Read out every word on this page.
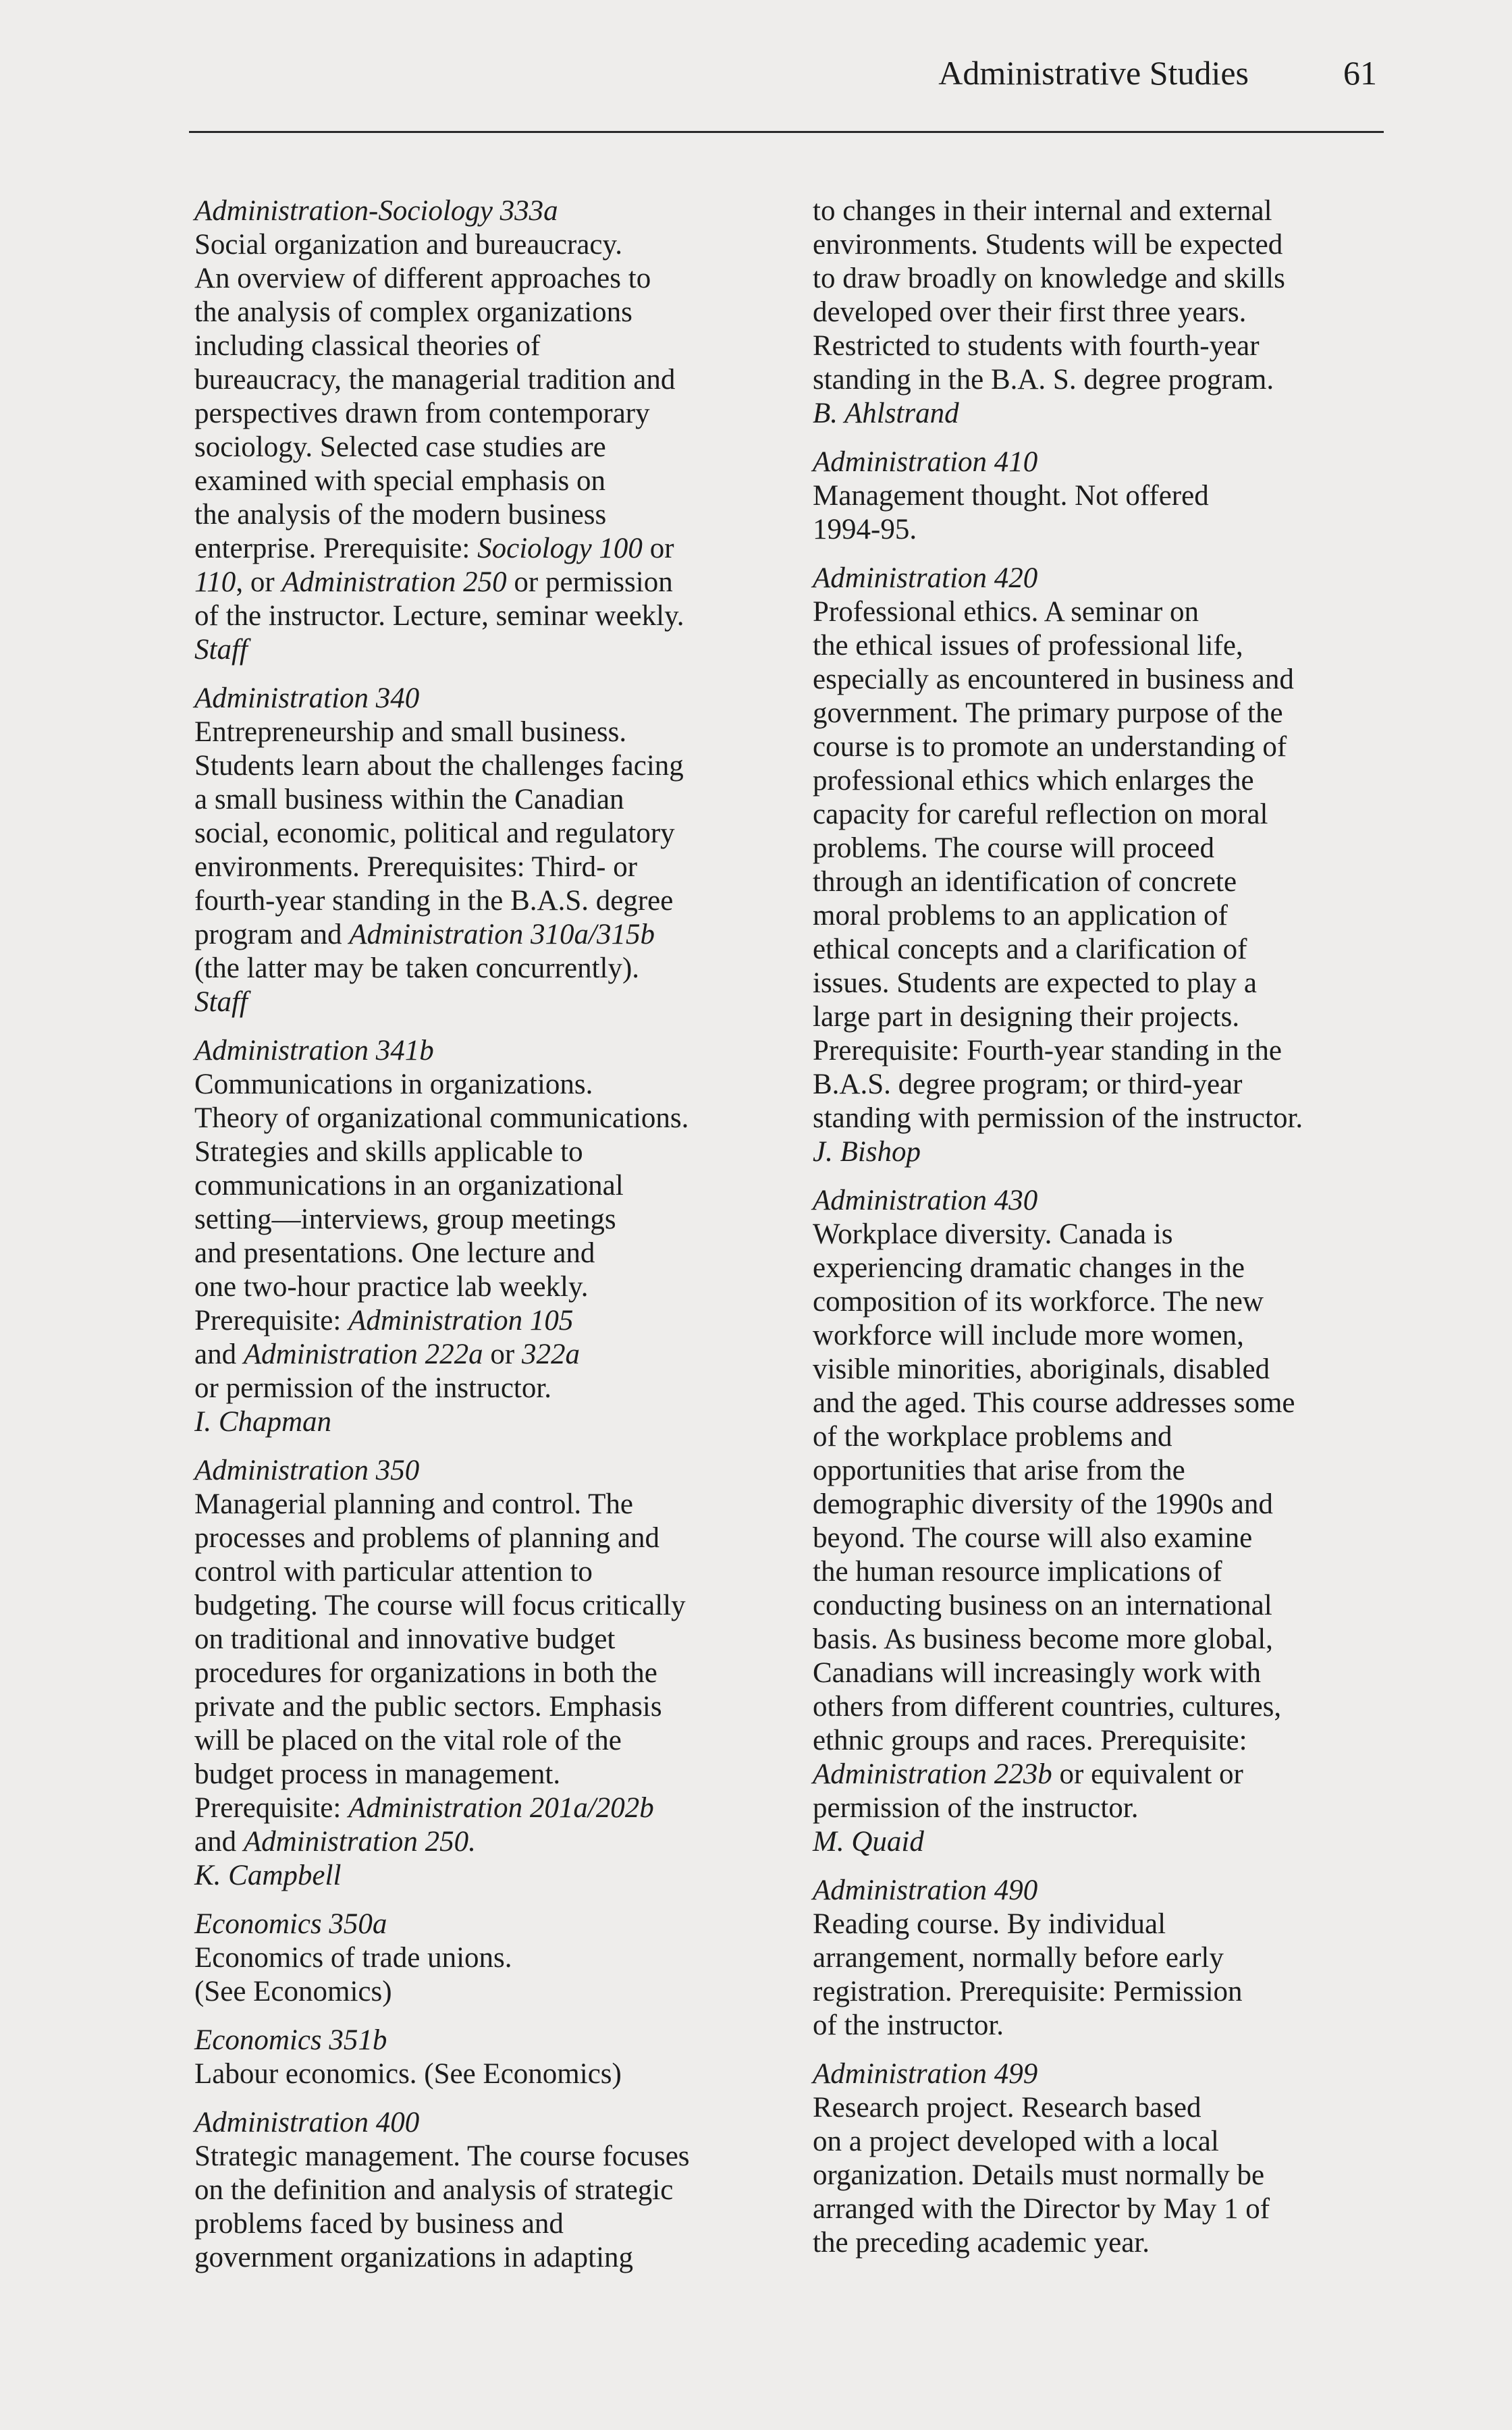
Administrative Studies	61
Administration-Sociology 333a
Social organization and bureaucracy.
An overview of different approaches to
the analysis of complex organizations
including classical theories of
bureaucracy, the managerial tradition and
perspectives drawn from contemporary
sociology. Selected case studies are
examined with special emphasis on
the analysis of the modern business
enterprise. Prerequisite: Sociology 100 or
110, or Administration 250 or permission
of the instructor. Lecture, seminar weekly.
Staff
Administration 340
Entrepreneurship and small business.
Students learn about the challenges facing
a small business within the Canadian
social, economic, political and regulatory
environments. Prerequisites: Third- or
fourth-year standing in the B.A.S. degree
program and Administration 310a/315b
(the latter may be taken concurrently).
Staff
Administration 341b
Communications in organizations.
Theory of organizational communications.
Strategies and skills applicable to
communications in an organizational
setting—interviews, group meetings
and presentations. One lecture and
one two-hour practice lab weekly.
Prerequisite: Administration 105
and Administration 222a or 322a
or permission of the instructor.
I. Chapman
Administration 350
Managerial planning and control. The
processes and problems of planning and
control with particular attention to
budgeting. The course will focus critically
on traditional and innovative budget
procedures for organizations in both the
private and the public sectors. Emphasis
will be placed on the vital role of the
budget process in management.
Prerequisite: Administration 201a/202b
and Administration 250.
K. Campbell
Economics 350a
Economics of trade unions.
(See Economics)
Economics 351b
Labour economics. (See Economics)
Administration 400
Strategic management. The course focuses
on the definition and analysis of strategic
problems faced by business and
government organizations in adapting
to changes in their internal and external
environments. Students will be expected
to draw broadly on knowledge and skills
developed over their first three years.
Restricted to students with fourth-year
standing in the B.A. S. degree program.
B. Ahlstrand
Administration 410
Management thought. Not offered
1994-95.
Administration 420
Professional ethics. A seminar on
the ethical issues of professional life,
especially as encountered in business and
government. The primary purpose of the
course is to promote an understanding of
professional ethics which enlarges the
capacity for careful reflection on moral
problems. The course will proceed
through an identification of concrete
moral problems to an application of
ethical concepts and a clarification of
issues. Students are expected to play a
large part in designing their projects.
Prerequisite: Fourth-year standing in the
B.A.S. degree program; or third-year
standing with permission of the instructor.
J. Bishop
Administration 430
Workplace diversity. Canada is
experiencing dramatic changes in the
composition of its workforce. The new
workforce will include more women,
visible minorities, aboriginals, disabled
and the aged. This course addresses some
of the workplace problems and
opportunities that arise from the
demographic diversity of the 1990s and
beyond. The course will also examine
the human resource implications of
conducting business on an international
basis. As business become more global,
Canadians will increasingly work with
others from different countries, cultures,
ethnic groups and races. Prerequisite:
Administration 223b or equivalent or
permission of the instructor.
M. Quaid
Administration 490
Reading course. By individual
arrangement, normally before early
registration. Prerequisite: Permission
of the instructor.
Administration 499
Research project. Research based
on a project developed with a local
organization. Details must normally be
arranged with the Director by May 1 of
the preceding academic year.
